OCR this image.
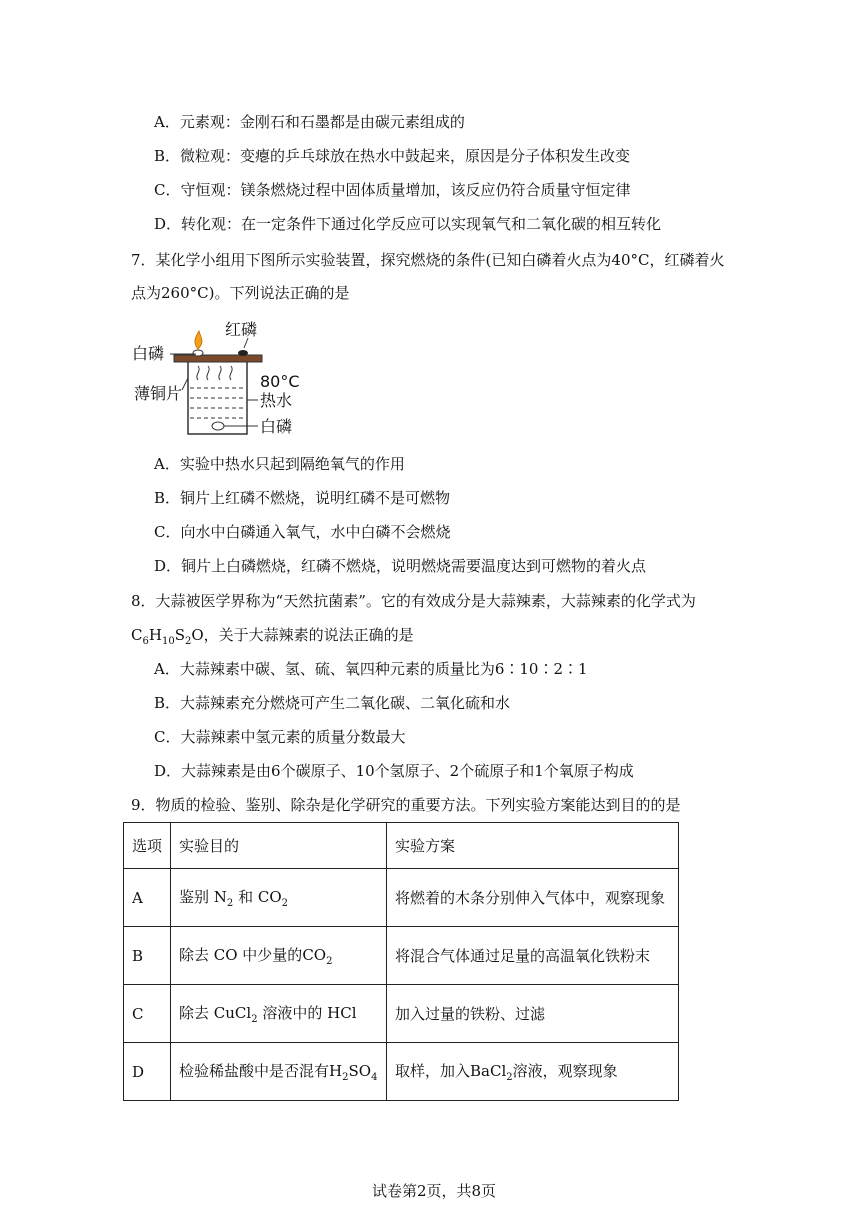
A．元素观：金刚石和石墨都是由碳元素组成的
B．微粒观：变瘪的乒乓球放在热水中鼓起来，原因是分子体积发生改变
C．守恒观：镁条燃烧过程中固体质量增加，该反应仍符合质量守恒定律
D．转化观：在一定条件下通过化学反应可以实现氧气和二氧化碳的相互转化
7．某化学小组用下图所示实验装置，探究燃烧的条件(已知白磷着火点为40°C，红磷着火
点为260°C)。下列说法正确的是
红磷
白磷
薄铜片
80°C
热水
白磷
A．实验中热水只起到隔绝氧气的作用
B．铜片上红磷不燃烧，说明红磷不是可燃物
C．向水中白磷通入氧气，水中白磷不会燃烧
D．铜片上白磷燃烧，红磷不燃烧，说明燃烧需要温度达到可燃物的着火点
8．大蒜被医学界称为“天然抗菌素”。它的有效成分是大蒜辣素，大蒜辣素的化学式为
$C_6H_{10}S_2O$，关于大蒜辣素的说法正确的是
A．大蒜辣素中碳、氢、硫、氧四种元素的质量比为6∶10∶2∶1
B．大蒜辣素充分燃烧可产生二氧化碳、二氧化硫和水
C．大蒜辣素中氢元素的质量分数最大
D．大蒜辣素是由6个碳原子、10个氢原子、2个硫原子和1个氧原子构成
9．物质的检验、鉴别、除杂是化学研究的重要方法。下列实验方案能达到目的的是
选项	实验目的	实验方案
A	鉴别 $N_2$ 和 $CO_2$	将燃着的木条分别伸入气体中，观察现象
B	除去 CO 中少量的$CO_2$	将混合气体通过足量的高温氧化铁粉末
C	除去 CuCl$_2$ 溶液中的 HCl	加入过量的铁粉、过滤
D	检验稀盐酸中是否混有$H_2SO_4$	取样，加入BaCl$_2$溶液，观察现象
试卷第2页，共8页
